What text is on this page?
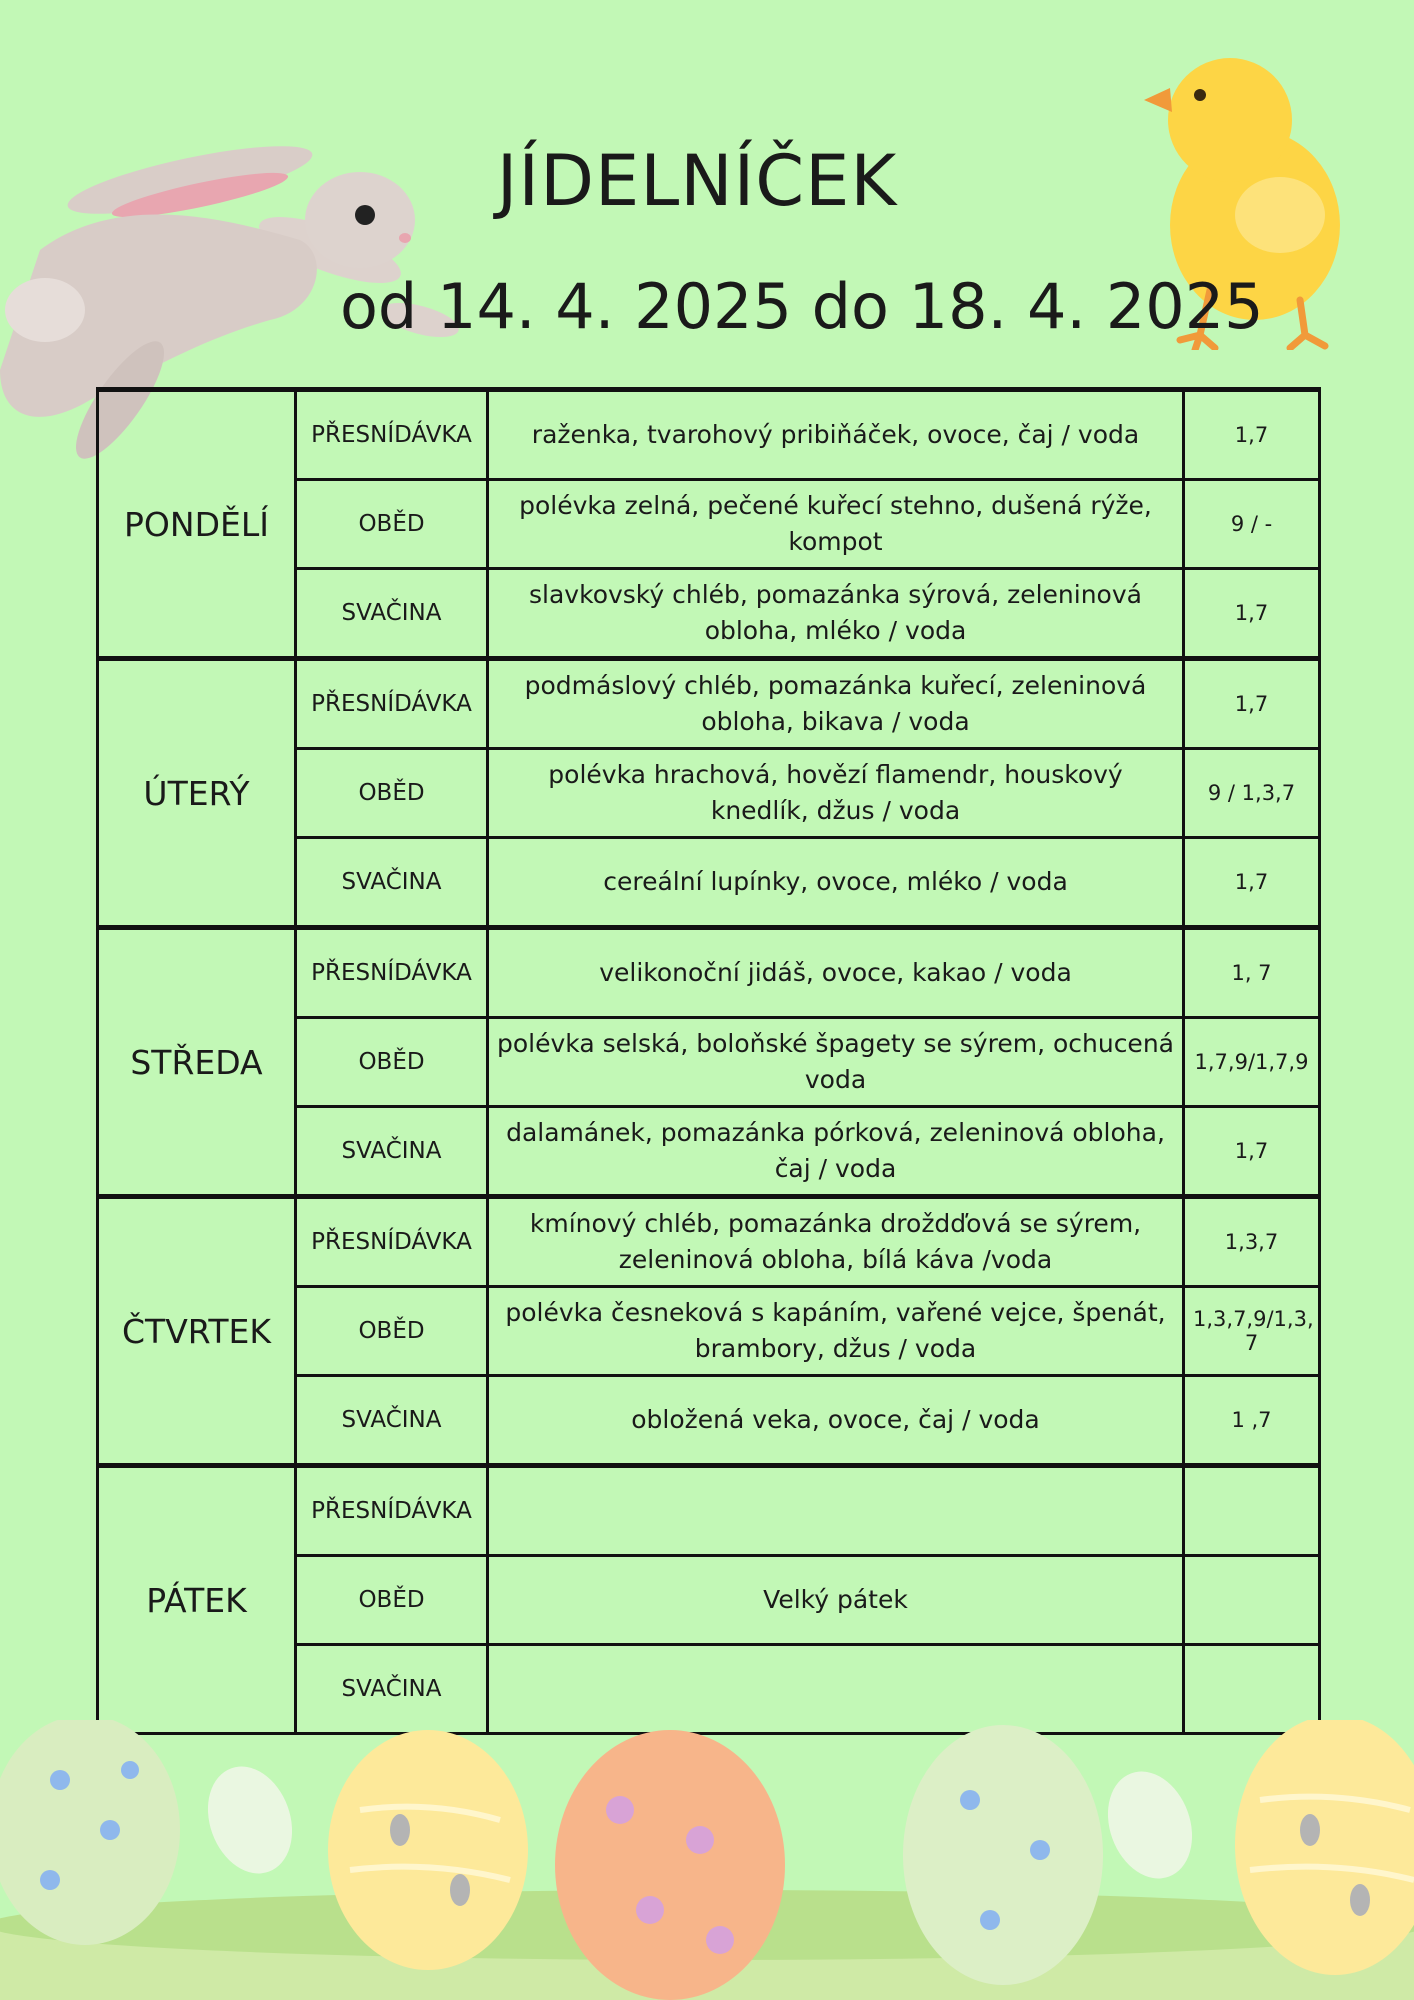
JÍDELNÍČEK
od 14. 4. 2025 do 18. 4. 2025
PONDĚLÍ	PŘESNÍDÁVKA	raženka, tvarohový pribiňáček, ovoce, čaj / voda	1,7
	OBĚD	polévka zelná, pečené kuřecí stehno, dušená rýže, kompot	9 / -
	SVAČINA	slavkovský chléb, pomazánka sýrová, zeleninová obloha, mléko / voda	1,7
ÚTERÝ	PŘESNÍDÁVKA	podmáslový chléb, pomazánka kuřecí, zeleninová obloha, bikava / voda	1,7
	OBĚD	polévka hrachová, hovězí flamendr, houskový knedlík, džus / voda	9 / 1,3,7
	SVAČINA	cereální lupínky, ovoce, mléko / voda	1,7
STŘEDA	PŘESNÍDÁVKA	velikonoční jidáš, ovoce, kakao / voda	1, 7
	OBĚD	polévka selská, boloňské špagety se sýrem, ochucená voda	1,7,9/1,7,9
	SVAČINA	dalamánek, pomazánka pórková, zeleninová obloha, čaj / voda	1,7
ČTVRTEK	PŘESNÍDÁVKA	kmínový chléb, pomazánka droždďová se sýrem, zeleninová obloha, bílá káva /voda	1,3,7
	OBĚD	polévka česneková s kapáním, vařené vejce, špenát, brambory, džus / voda	1,3,7,9/1,3, 7
	SVAČINA	obložená veka, ovoce, čaj / voda	1 ,7
PÁTEK	PŘESNÍDÁVKA		
	OBĚD	Velký pátek	
	SVAČINA		
